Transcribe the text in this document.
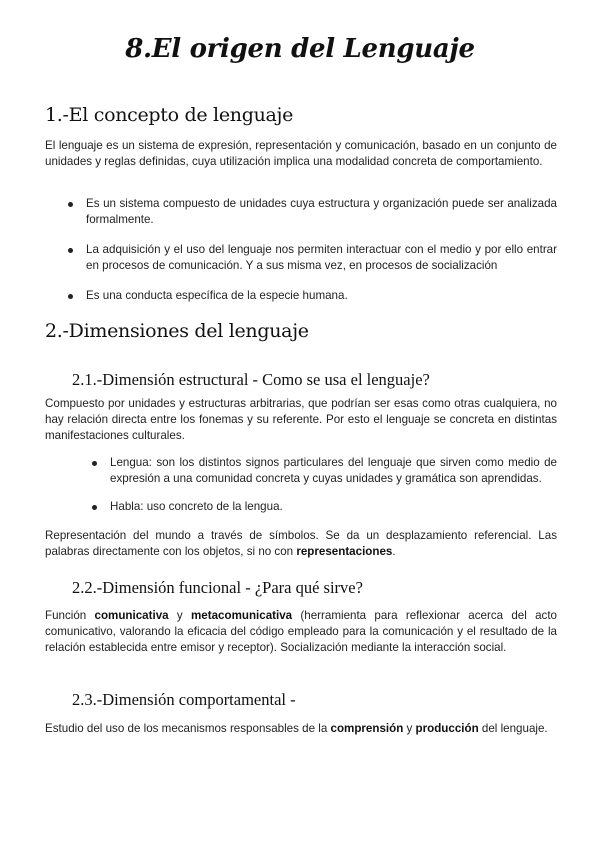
8.El origen del Lenguaje
1.-El concepto de lenguaje
El lenguaje es un sistema de expresión, representación y comunicación, basado en un conjunto de unidades y reglas definidas, cuya utilización implica una modalidad concreta de comportamiento.
Es un sistema compuesto de unidades cuya estructura y organización puede ser analizada formalmente.
La adquisición y el uso del lenguaje nos permiten interactuar con el medio y por ello entrar en procesos de comunicación. Y a sus misma vez, en procesos de socialización
Es una conducta específica de la especie humana.
2.-Dimensiones del lenguaje
2.1.-Dimensión estructural - Como se usa el lenguaje?
Compuesto por unidades y estructuras arbitrarias, que podrían ser esas como otras cualquiera, no hay relación directa entre los fonemas y su referente. Por esto el lenguaje se concreta en distintas manifestaciones culturales.
Lengua: son los distintos signos particulares del lenguaje que sirven como medio de expresión a una comunidad concreta y cuyas unidades y gramática son aprendidas.
Habla: uso concreto de la lengua.
Representación del mundo a través de símbolos. Se da un desplazamiento referencial. Las palabras directamente con los objetos, si no con representaciones.
2.2.-Dimensión funcional - ¿Para qué sirve?
Función comunicativa y metacomunicativa (herramienta para reflexionar acerca del acto comunicativo, valorando la eficacia del código empleado para la comunicación y el resultado de la relación establecida entre emisor y receptor). Socialización mediante la interacción social.
2.3.-Dimensión comportamental -
Estudio del uso de los mecanismos responsables de la comprensión y producción del lenguaje.
